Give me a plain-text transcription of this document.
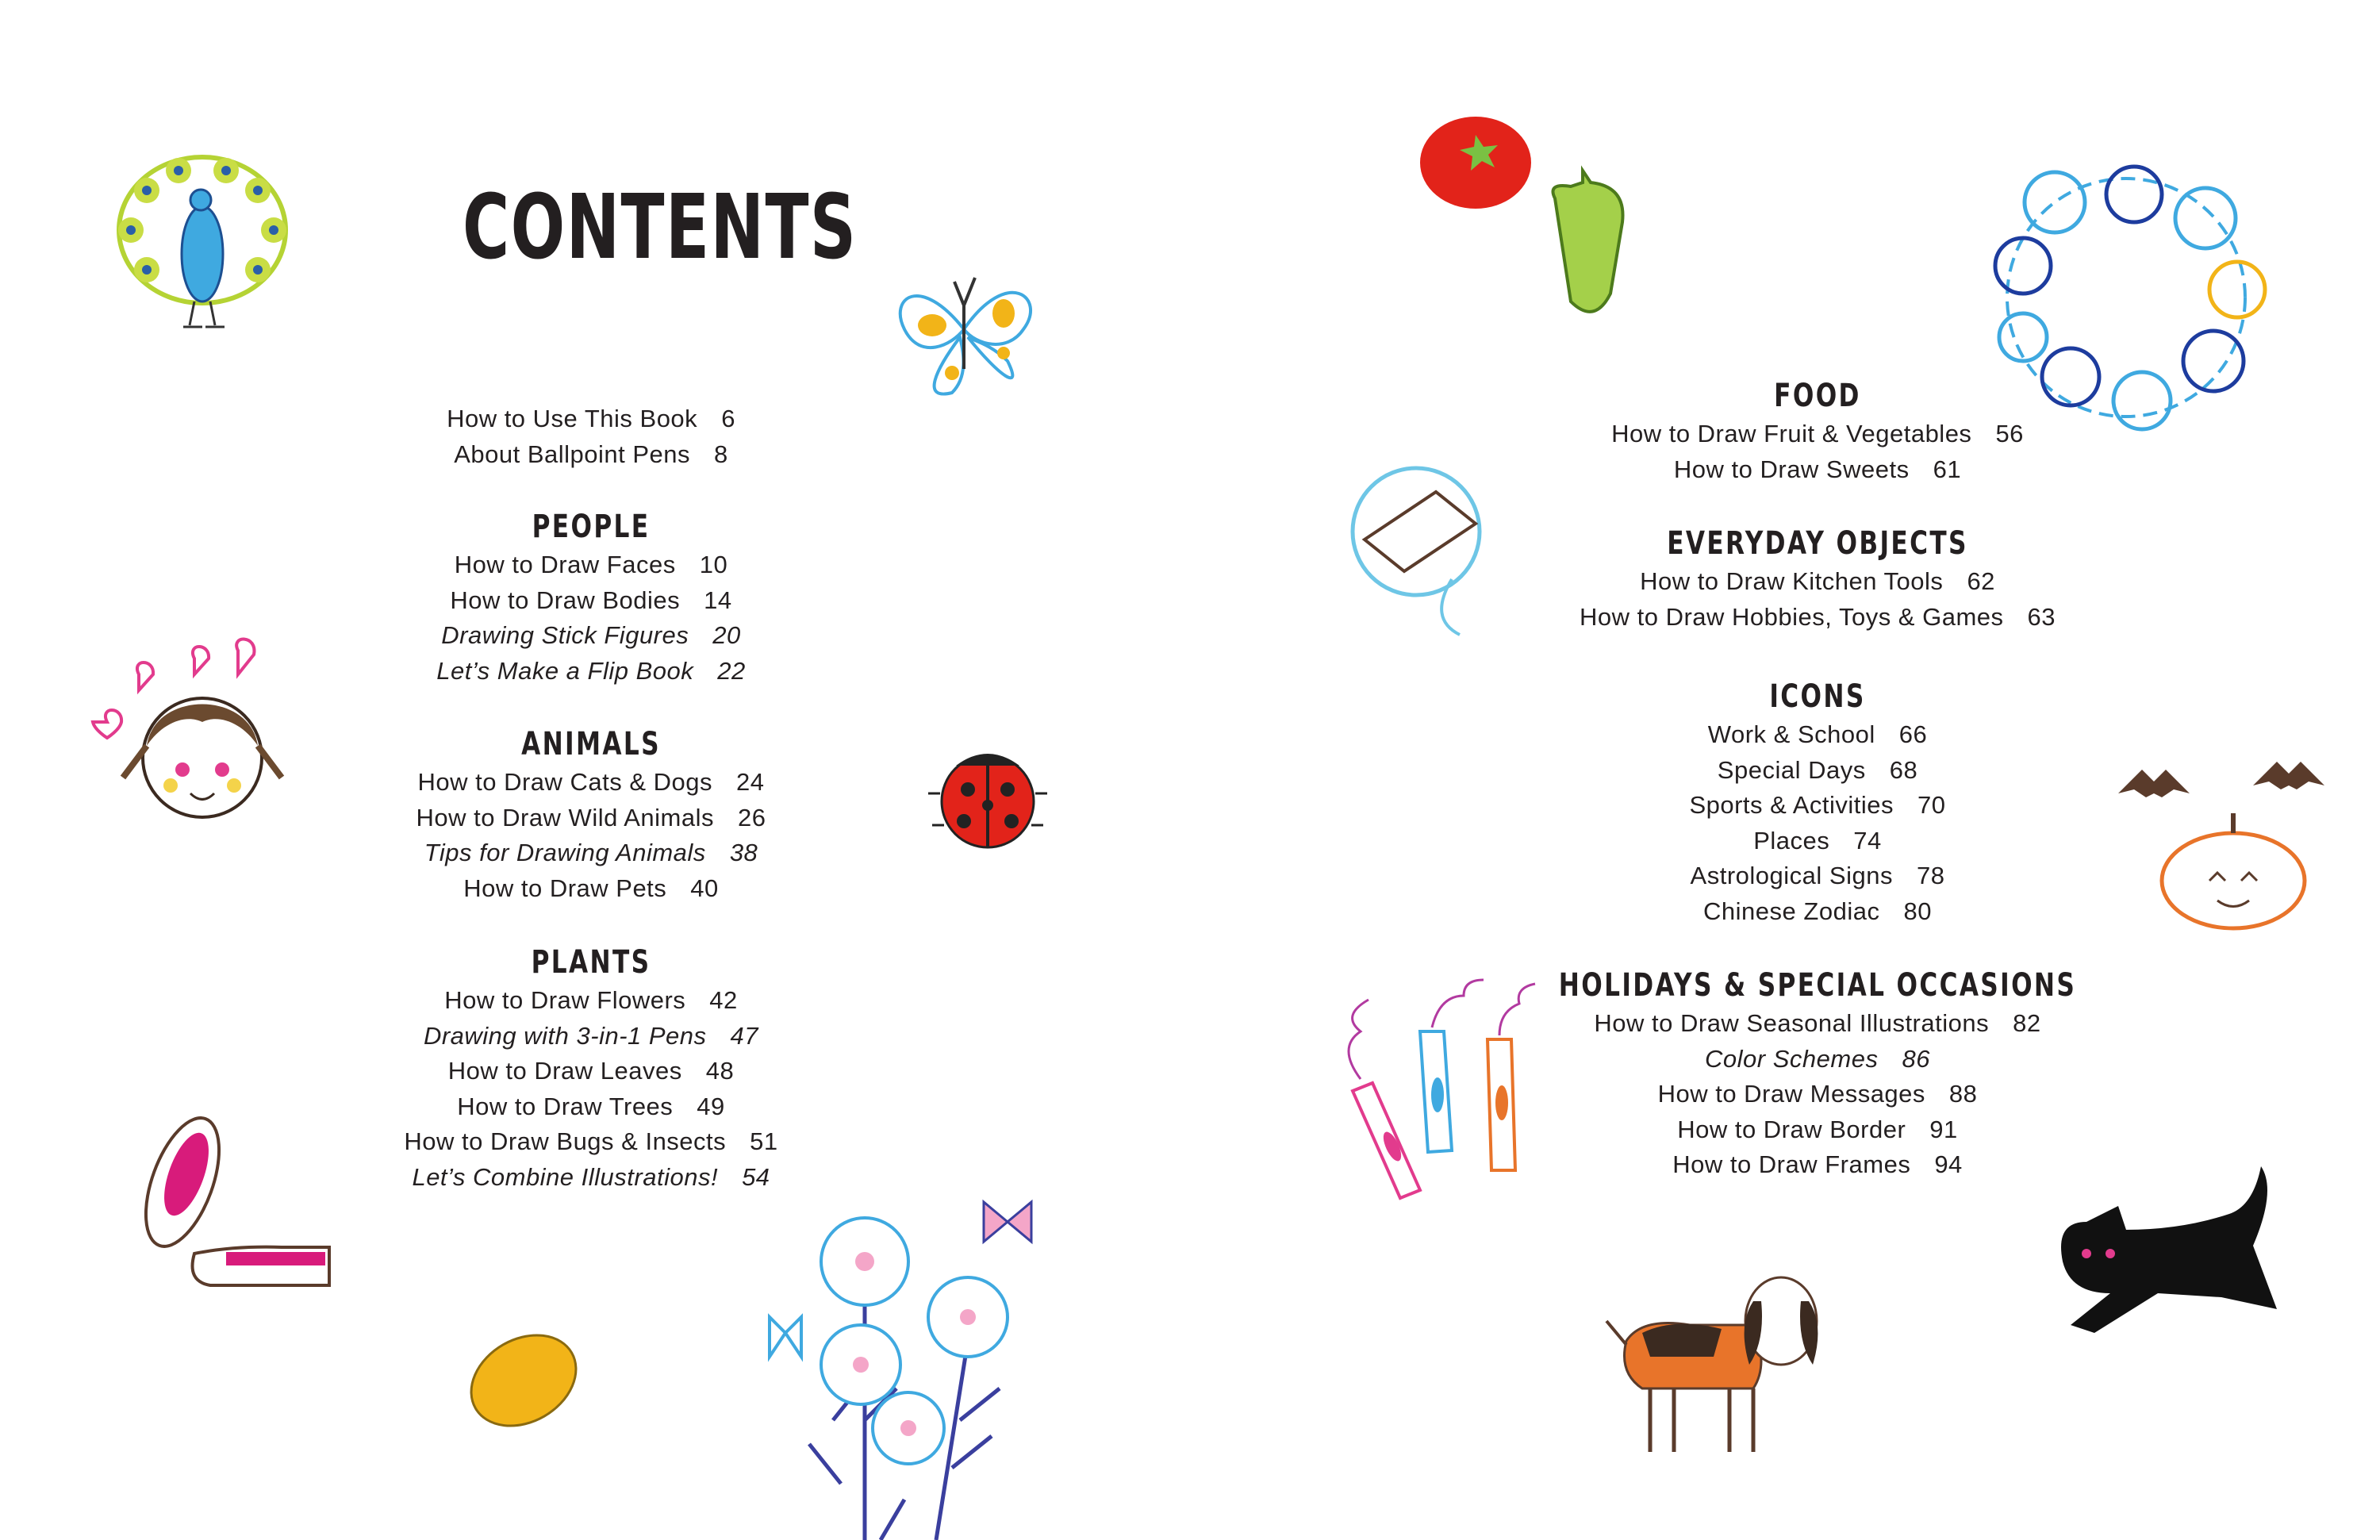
CONTENTS
How to Use This Book 6
About Ballpoint Pens 8
PEOPLE
How to Draw Faces 10
How to Draw Bodies 14
Drawing Stick Figures 20
Let’s Make a Flip Book 22
ANIMALS
How to Draw Cats & Dogs 24
How to Draw Wild Animals 26
Tips for Drawing Animals 38
How to Draw Pets 40
PLANTS
How to Draw Flowers 42
Drawing with 3-in-1 Pens 47
How to Draw Leaves 48
How to Draw Trees 49
How to Draw Bugs & Insects 51
Let’s Combine Illustrations! 54
FOOD
How to Draw Fruit & Vegetables 56
How to Draw Sweets 61
EVERYDAY OBJECTS
How to Draw Kitchen Tools 62
How to Draw Hobbies, Toys & Games 63
ICONS
Work & School 66
Special Days 68
Sports & Activities 70
Places 74
Astrological Signs 78
Chinese Zodiac 80
HOLIDAYS & SPECIAL OCCASIONS
How to Draw Seasonal Illustrations 82
Color Schemes 86
How to Draw Messages 88
How to Draw Border 91
How to Draw Frames 94
